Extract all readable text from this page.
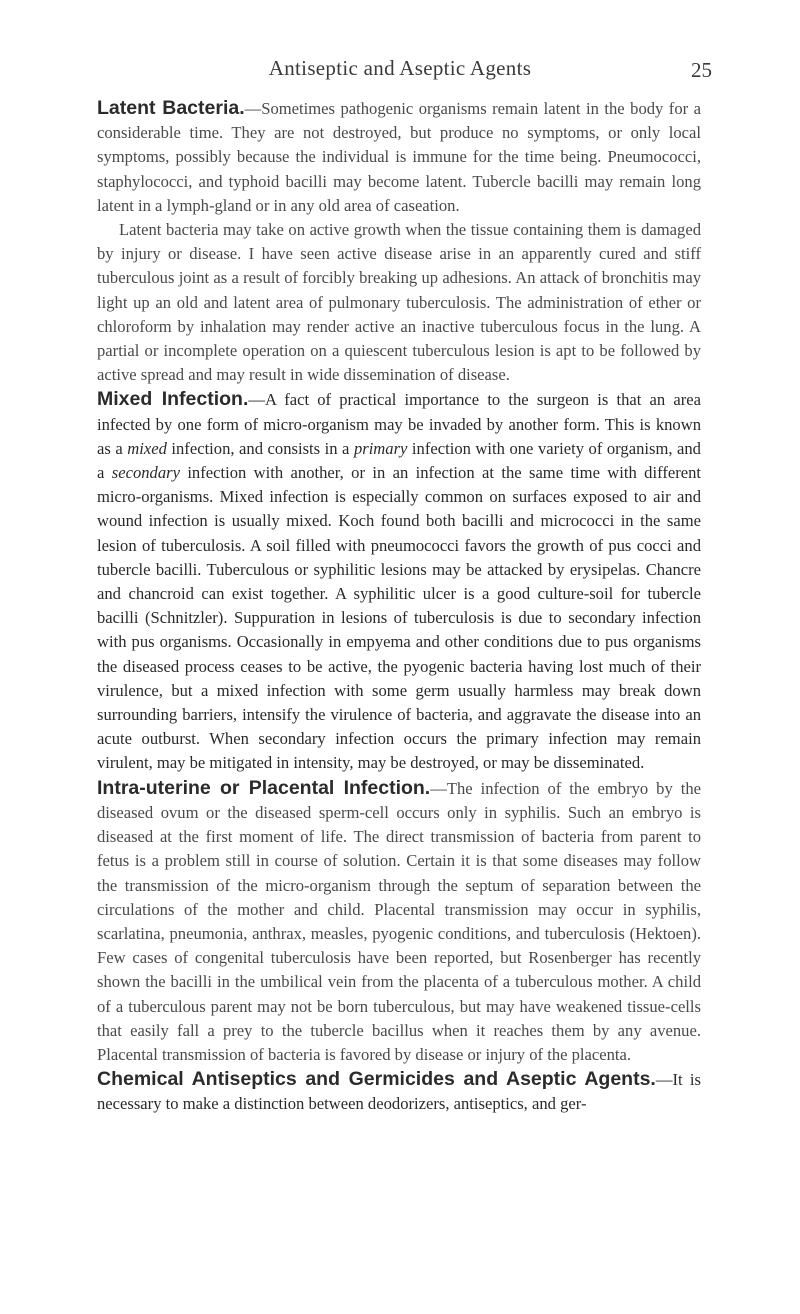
Antiseptic and Aseptic Agents	25

Latent Bacteria.—Sometimes pathogenic organisms remain latent in the body for a considerable time. They are not destroyed, but produce no symptoms, or only local symptoms, possibly because the individual is immune for the time being. Pneumococci, staphylococci, and typhoid bacilli may become latent. Tubercle bacilli may remain long latent in a lymph-gland or in any old area of caseation.

Latent bacteria may take on active growth when the tissue containing them is damaged by injury or disease. I have seen active disease arise in an apparently cured and stiff tuberculous joint as a result of forcibly breaking up adhesions. An attack of bronchitis may light up an old and latent area of pulmonary tuberculosis. The administration of ether or chloroform by inhalation may render active an inactive tuberculous focus in the lung. A partial or incomplete operation on a quiescent tuberculous lesion is apt to be followed by active spread and may result in wide dissemination of disease.

Mixed Infection.—A fact of practical importance to the surgeon is that an area infected by one form of micro-organism may be invaded by another form. This is known as a mixed infection, and consists in a primary infection with one variety of organism, and a secondary infection with another, or in an infection at the same time with different micro-organisms. Mixed infection is especially common on surfaces exposed to air and wound infection is usually mixed. Koch found both bacilli and micrococci in the same lesion of tuberculosis. A soil filled with pneumococci favors the growth of pus cocci and tubercle bacilli. Tuberculous or syphilitic lesions may be attacked by erysipelas. Chancre and chancroid can exist together. A syphilitic ulcer is a good culture-soil for tubercle bacilli (Schnitzler). Suppuration in lesions of tuberculosis is due to secondary infection with pus organisms. Occasionally in empyema and other conditions due to pus organisms the diseased process ceases to be active, the pyogenic bacteria having lost much of their virulence, but a mixed infection with some germ usually harmless may break down surrounding barriers, intensify the virulence of bacteria, and aggravate the disease into an acute outburst. When secondary infection occurs the primary infection may remain virulent, may be mitigated in intensity, may be destroyed, or may be disseminated.

Intra-uterine or Placental Infection.—The infection of the embryo by the diseased ovum or the diseased sperm-cell occurs only in syphilis. Such an embryo is diseased at the first moment of life. The direct transmission of bacteria from parent to fetus is a problem still in course of solution. Certain it is that some diseases may follow the transmission of the micro-organism through the septum of separation between the circulations of the mother and child. Placental transmission may occur in syphilis, scarlatina, pneumonia, anthrax, measles, pyogenic conditions, and tuberculosis (Hektoen). Few cases of congenital tuberculosis have been reported, but Rosenberger has recently shown the bacilli in the umbilical vein from the placenta of a tuberculous mother. A child of a tuberculous parent may not be born tuberculous, but may have weakened tissue-cells that easily fall a prey to the tubercle bacillus when it reaches them by any avenue. Placental transmission of bacteria is favored by disease or injury of the placenta.

Chemical Antiseptics and Germicides and Aseptic Agents.—It is necessary to make a distinction between deodorizers, antiseptics, and ger-
